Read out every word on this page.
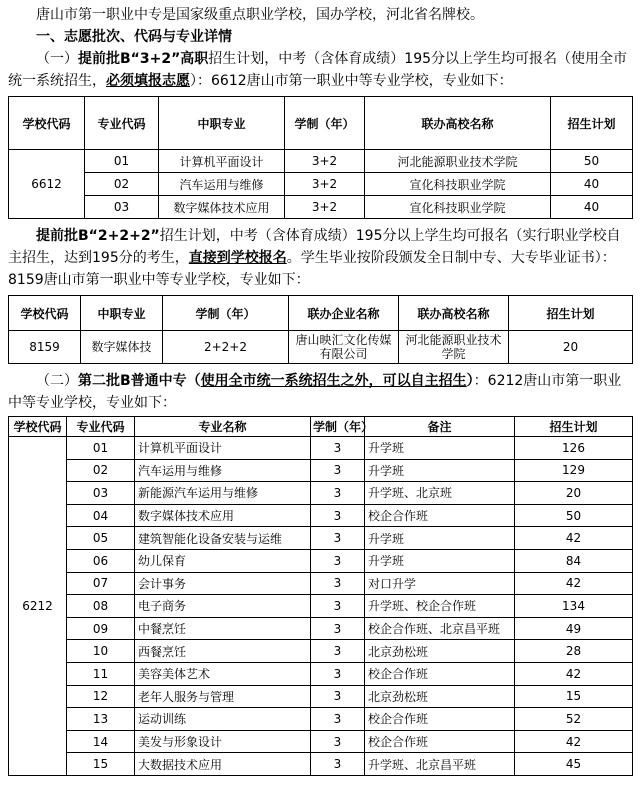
唐山市第一职业中专是国家级重点职业学校，国办学校，河北省名牌校。

一、志愿批次、代码与专业详情

（一）提前批B“3+2”高职招生计划，中考（含体育成绩）195分以上学生均可报名（使用全市统一系统招生，必须填报志愿）：6612唐山市第一职业中等专业学校，专业如下：

学校代码	专业代码	中职专业	学制（年）	联办高校名称	招生计划
6612	01	计算机平面设计	3+2	河北能源职业技术学院	50
	02	汽车运用与维修	3+2	宣化科技职业学院	40
	03	数字媒体技术应用	3+2	宣化科技职业学院	40

提前批B“2+2+2”招生计划，中考（含体育成绩）195分以上学生均可报名（实行职业学校自主招生，达到195分的考生，直接到学校报名。学生毕业按阶段颁发全日制中专、大专毕业证书）：8159唐山市第一职业中等专业学校，专业如下：

学校代码	中职专业	学制（年）	联办企业名称	联办高校名称	招生计划
8159	数字媒体技	2+2+2	唐山映汇文化传媒有限公司	河北能源职业技术学院	20

（二）第二批B普通中专（使用全市统一系统招生之外，可以自主招生）：6212唐山市第一职业中等专业学校，专业如下：

学校代码	专业代码	专业名称	学制（年）	备注	招生计划
6212	01	计算机平面设计	3	升学班	126
	02	汽车运用与维修	3	升学班	129
	03	新能源汽车运用与维修	3	升学班、北京班	20
	04	数字媒体技术应用	3	校企合作班	50
	05	建筑智能化设备安装与运维	3	升学班	42
	06	幼儿保育	3	升学班	84
	07	会计事务	3	对口升学	42
	08	电子商务	3	升学班、校企合作班	134
	09	中餐烹饪	3	校企合作班、北京昌平班	49
	10	西餐烹饪	3	北京劲松班	28
	11	美容美体艺术	3	校企合作班	42
	12	老年人服务与管理	3	北京劲松班	15
	13	运动训练	3	校企合作班	52
	14	美发与形象设计	3	校企合作班	42
	15	大数据技术应用	3	升学班、北京昌平班	45
